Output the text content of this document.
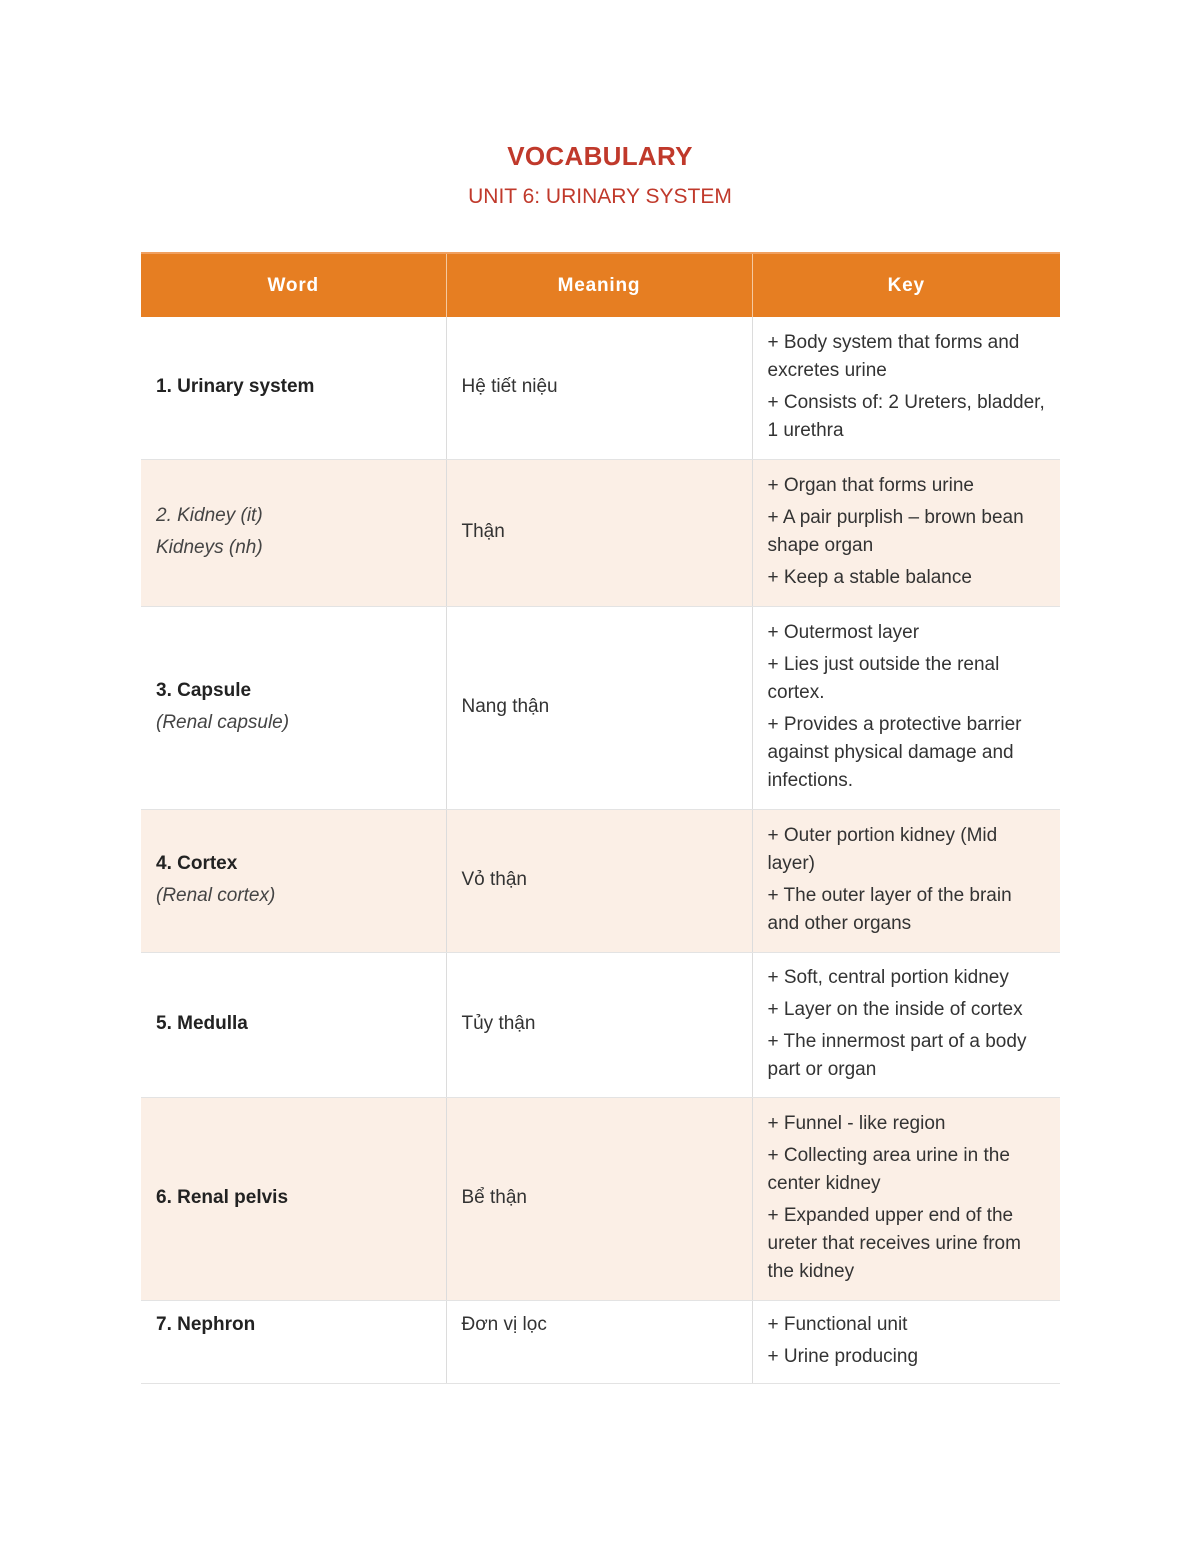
VOCABULARY
UNIT 6: URINARY SYSTEM
Word	Meaning	Key

1. Urinary system	Hệ tiết niệu	+ Body system that forms and excretes urine
+ Consists of: 2 Ureters, bladder, 1 urethra

2. Kidney (it)
Kidneys (nh)	Thận	+ Organ that forms urine
+ A pair purplish – brown bean shape organ
+ Keep a stable balance

3. Capsule
(Renal capsule)	Nang thận	+ Outermost layer
+ Lies just outside the renal cortex.
+ Provides a protective barrier against physical damage and infections.

4. Cortex
(Renal cortex)	Vỏ thận	+ Outer portion kidney (Mid layer)
+ The outer layer of the brain and other organs

5. Medulla	Tủy thận	+ Soft, central portion kidney
+ Layer on the inside of cortex
+ The innermost part of a body part or organ

6. Renal pelvis	Bể thận	+ Funnel - like region
+ Collecting area urine in the center kidney
+ Expanded upper end of the ureter that receives urine from the kidney

7. Nephron	Đơn vị lọc	+ Functional unit
+ Urine producing
